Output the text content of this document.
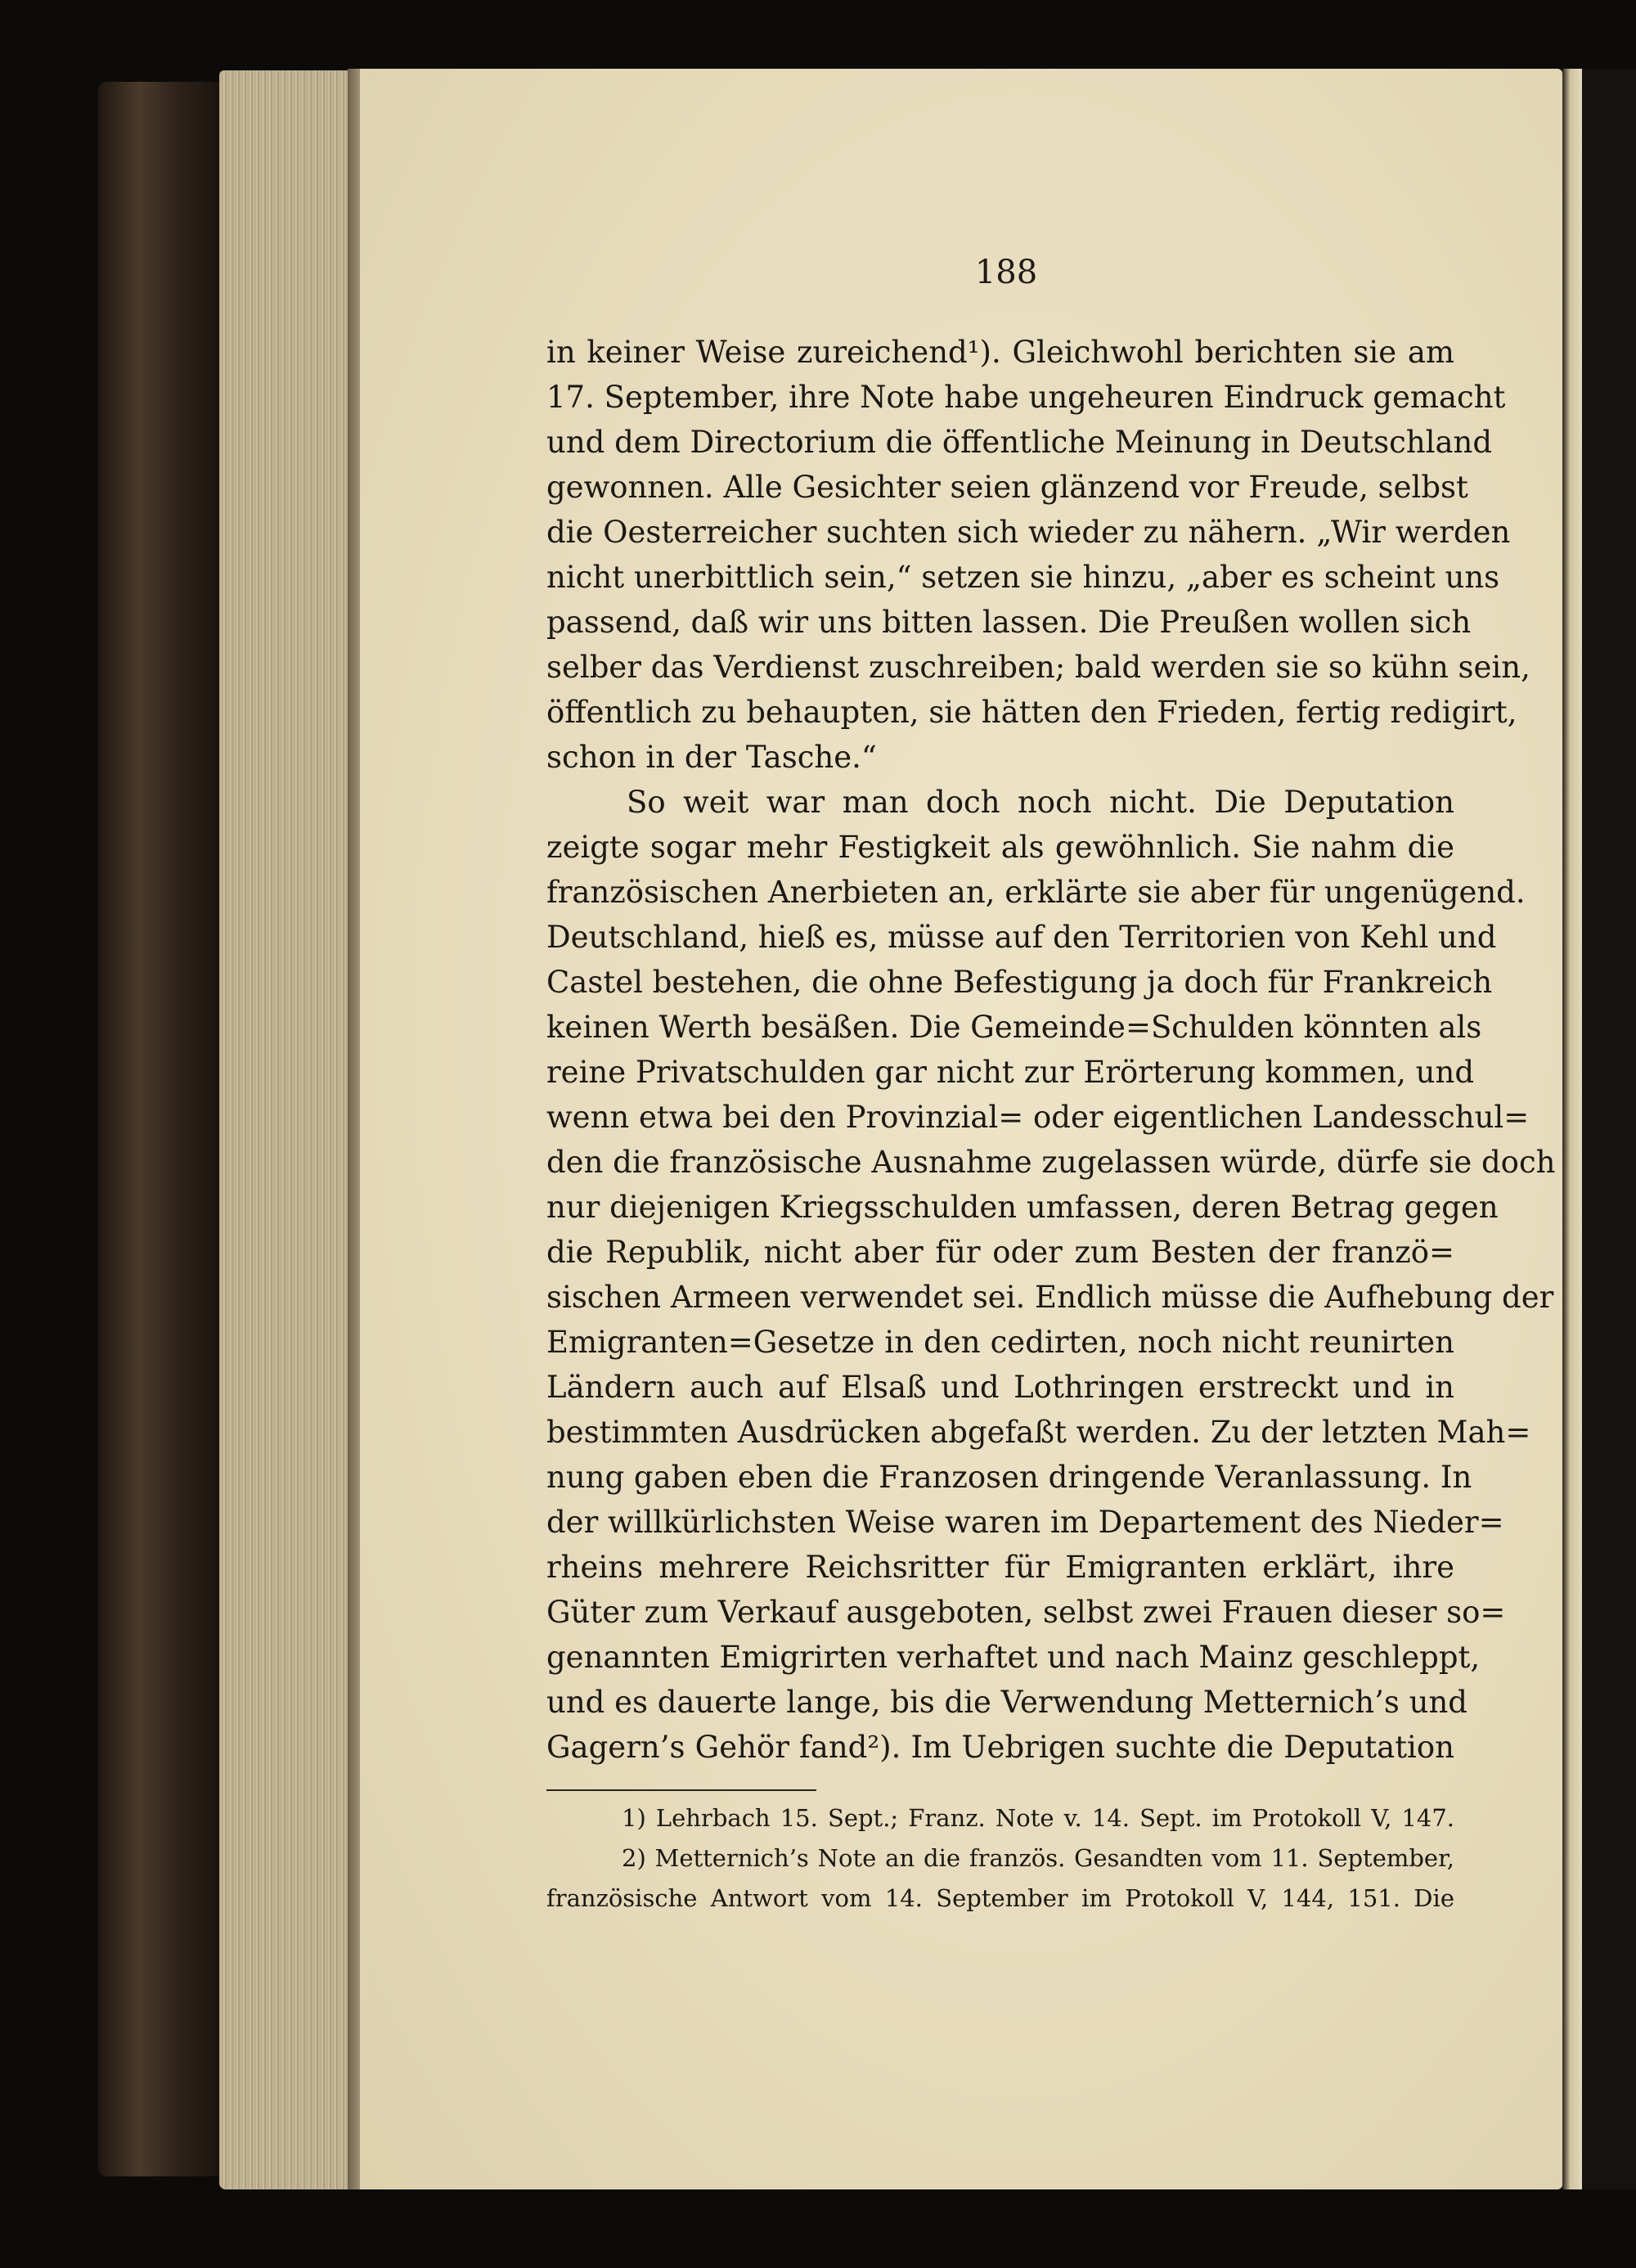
188
in keiner Weise zureichend¹). Gleichwohl berichten sie am
17. September, ihre Note habe ungeheuren Eindruck gemacht
und dem Directorium die öffentliche Meinung in Deutschland
gewonnen. Alle Gesichter seien glänzend vor Freude, selbst
die Oesterreicher suchten sich wieder zu nähern. „Wir werden
nicht unerbittlich sein,“ setzen sie hinzu, „aber es scheint uns
passend, daß wir uns bitten lassen. Die Preußen wollen sich
selber das Verdienst zuschreiben; bald werden sie so kühn sein,
öffentlich zu behaupten, sie hätten den Frieden, fertig redigirt,
schon in der Tasche.“
So weit war man doch noch nicht. Die Deputation
zeigte sogar mehr Festigkeit als gewöhnlich. Sie nahm die
französischen Anerbieten an, erklärte sie aber für ungenügend.
Deutschland, hieß es, müsse auf den Territorien von Kehl und
Castel bestehen, die ohne Befestigung ja doch für Frankreich
keinen Werth besäßen. Die Gemeinde=Schulden könnten als
reine Privatschulden gar nicht zur Erörterung kommen, und
wenn etwa bei den Provinzial= oder eigentlichen Landesschul=
den die französische Ausnahme zugelassen würde, dürfe sie doch
nur diejenigen Kriegsschulden umfassen, deren Betrag gegen
die Republik, nicht aber für oder zum Besten der franzö=
sischen Armeen verwendet sei. Endlich müsse die Aufhebung der
Emigranten=Gesetze in den cedirten, noch nicht reunirten
Ländern auch auf Elsaß und Lothringen erstreckt und in
bestimmten Ausdrücken abgefaßt werden. Zu der letzten Mah=
nung gaben eben die Franzosen dringende Veranlassung. In
der willkürlichsten Weise waren im Departement des Nieder=
rheins mehrere Reichsritter für Emigranten erklärt, ihre
Güter zum Verkauf ausgeboten, selbst zwei Frauen dieser so=
genannten Emigrirten verhaftet und nach Mainz geschleppt,
und es dauerte lange, bis die Verwendung Metternich’s und
Gagern’s Gehör fand²). Im Uebrigen suchte die Deputation
1) Lehrbach 15. Sept.; Franz. Note v. 14. Sept. im Protokoll V, 147.
2) Metternich’s Note an die französ. Gesandten vom 11. September,
französische Antwort vom 14. September im Protokoll V, 144, 151. Die
